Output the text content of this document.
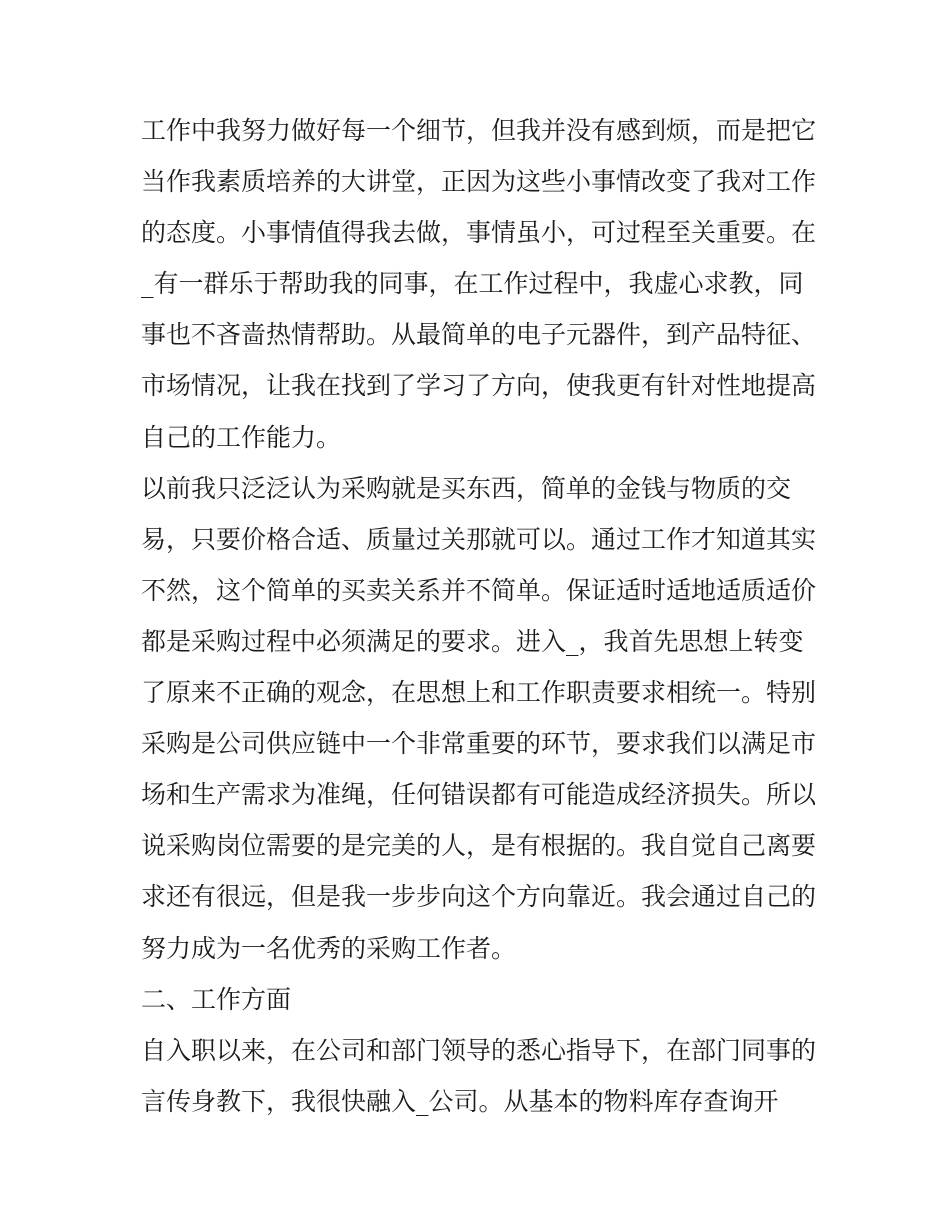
工作中我努力做好每一个细节，但我并没有感到烦，而是把它
当作我素质培养的大讲堂，正因为这些小事情改变了我对工作
的态度。小事情值得我去做，事情虽小，可过程至关重要。在
_有一群乐于帮助我的同事，在工作过程中，我虚心求教，同
事也不吝啬热情帮助。从最简单的电子元器件，到产品特征、
市场情况，让我在找到了学习了方向，使我更有针对性地提高
自己的工作能力。
以前我只泛泛认为采购就是买东西，简单的金钱与物质的交
易，只要价格合适、质量过关那就可以。通过工作才知道其实
不然，这个简单的买卖关系并不简单。保证适时适地适质适价
都是采购过程中必须满足的要求。进入_，我首先思想上转变
了原来不正确的观念，在思想上和工作职责要求相统一。特别
采购是公司供应链中一个非常重要的环节，要求我们以满足市
场和生产需求为准绳，任何错误都有可能造成经济损失。所以
说采购岗位需要的是完美的人，是有根据的。我自觉自己离要
求还有很远，但是我一步步向这个方向靠近。我会通过自己的
努力成为一名优秀的采购工作者。
二、工作方面
自入职以来，在公司和部门领导的悉心指导下，在部门同事的
言传身教下，我很快融入_公司。从基本的物料库存查询开
